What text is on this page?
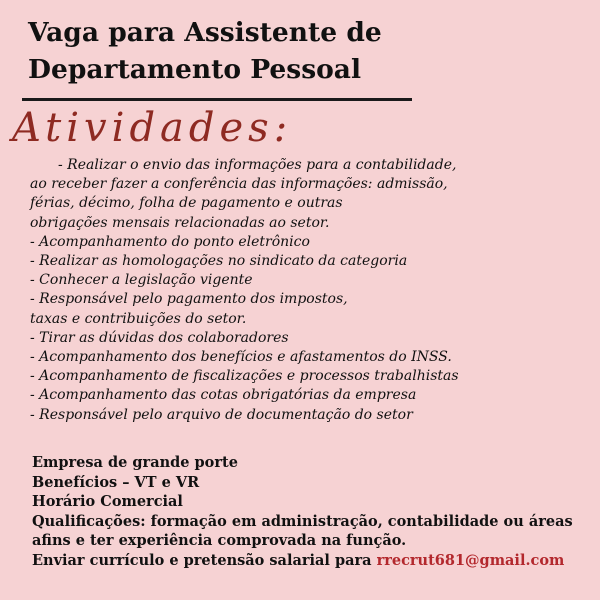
Vaga para Assistente de
Departamento Pessoal
Atividades:
- Realizar o envio das informações para a contabilidade,
ao receber fazer a conferência das informações: admissão,
férias, décimo, folha de pagamento e outras
obrigações mensais relacionadas ao setor.
- Acompanhamento do ponto eletrônico
- Realizar as homologações no sindicato da categoria
- Conhecer a legislação vigente
- Responsável pelo pagamento dos impostos,
taxas e contribuições do setor.
- Tirar as dúvidas dos colaboradores
- Acompanhamento dos benefícios e afastamentos do INSS.
- Acompanhamento de fiscalizações e processos trabalhistas
- Acompanhamento das cotas obrigatórias da empresa
- Responsável pelo arquivo de documentação do setor
Empresa de grande porte
Benefícios – VT e VR
Horário Comercial
Qualificações: formação em administração, contabilidade ou áreas afins e ter experiência comprovada na função.
Enviar currículo e pretensão salarial para rrecrut681@gmail.com
